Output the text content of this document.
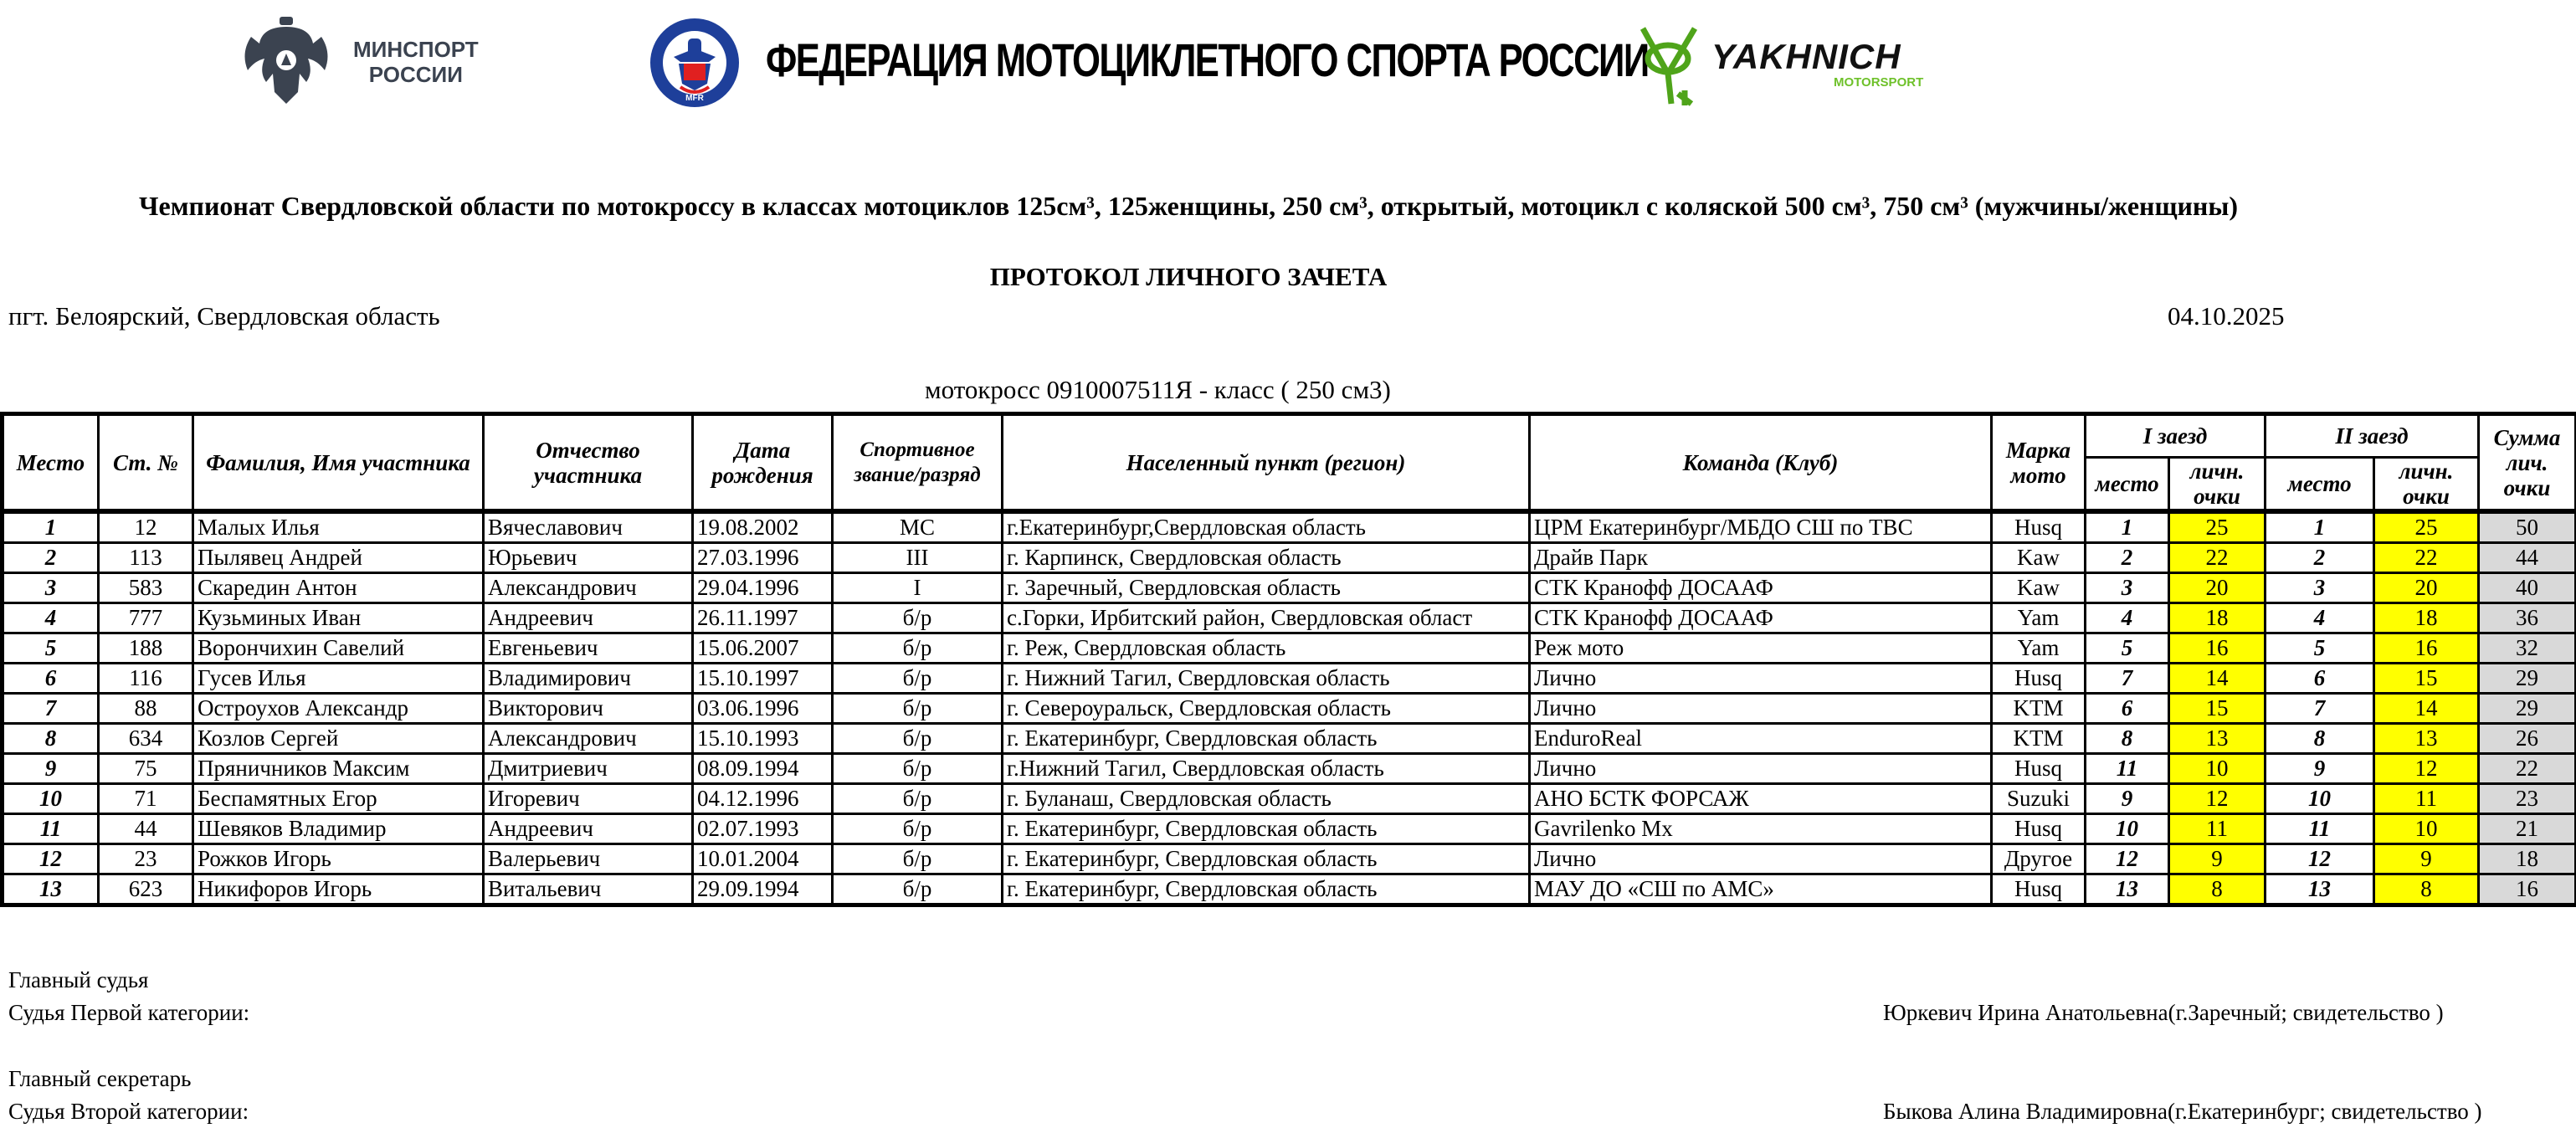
МИНСПОРТ
РОССИИ
MFR
ФЕДЕРАЦИЯ МОТОЦИКЛЕТНОГО СПОРТА РОССИИ YAKHNICH
MOTORSPORT
Чемпионат Свердловской области по мотокроссу в классах мотоциклов 125см³, 125женщины, 250 см³, открытый, мотоцикл с коляской 500 см³, 750 см³ (мужчины/женщины)
ПРОТОКОЛ ЛИЧНОГО ЗАЧЕТА
пгт. Белоярский, Свердловская область	04.10.2025
мотокросс 0910007511Я - класс ( 250 см3)
Место	Ст. №	Фамилия, Имя участника	Отчество участника	Дата рождения	Спортивное звание/разряд	Населенный пункт (регион)	Команда (Клуб)	Марка мото	I заезд		II заезд		Сумма лич. очки
									место	личн. очки	место	личн. очки	
1	12	Малых Илья	Вячеславович	19.08.2002	МС	г.Екатеринбург,Свердловская область	ЦРМ Екатеринбург/МБДО СШ по ТВС	Husq	1	25	1	25	50
2	113	Пылявец Андрей	Юрьевич	27.03.1996	III	г. Карпинск, Свердловская область	Драйв Парк	Kaw	2	22	2	22	44
3	583	Скаредин Антон	Александрович	29.04.1996	I	г. Заречный, Свердловская область	СТК Кранофф ДОСААФ	Kaw	3	20	3	20	40
4	777	Кузьминых Иван	Андреевич	26.11.1997	б/р	с.Горки, Ирбитский район, Свердловская област	СТК Кранофф ДОСААФ	Yam	4	18	4	18	36
5	188	Ворончихин Савелий	Евгеньевич	15.06.2007	б/р	г. Реж, Свердловская область	Реж мото	Yam	5	16	5	16	32
6	116	Гусев Илья	Владимирович	15.10.1997	б/р	г. Нижний Тагил, Свердловская область	Лично	Husq	7	14	6	15	29
7	88	Остроухов Александр	Викторович	03.06.1996	б/р	г. Североуральск, Свердловская область	Лично	KTM	6	15	7	14	29
8	634	Козлов Сергей	Александрович	15.10.1993	б/р	г. Екатеринбург, Свердловская область	EnduroReal	KTM	8	13	8	13	26
9	75	Пряничников Максим	Дмитриевич	08.09.1994	б/р	г.Нижний Тагил, Свердловская область	Лично	Husq	11	10	9	12	22
10	71	Беспамятных Егор	Игоревич	04.12.1996	б/р	г. Буланаш, Свердловская область	АНО БСТК ФОРСАЖ	Suzuki	9	12	10	11	23
11	44	Шевяков Владимир	Андреевич	02.07.1993	б/р	г. Екатеринбург, Свердловская область	Gavrilenko Mx	Husq	10	11	11	10	21
12	23	Рожков Игорь	Валерьевич	10.01.2004	б/р	г. Екатеринбург, Свердловская область	Лично	Другое	12	9	12	9	18
13	623	Никифоров Игорь	Витальевич	29.09.1994	б/р	г. Екатеринбург, Свердловская область	МАУ ДО «СШ по АМС»	Husq	13	8	13	8	16
Главный судья
Судья Первой категории:	Юркевич Ирина Анатольевна(г.Заречный; свидетельство )
Главный секретарь
Судья Второй категории:	Быкова Алина Владимировна(г.Екатеринбург; свидетельство )
